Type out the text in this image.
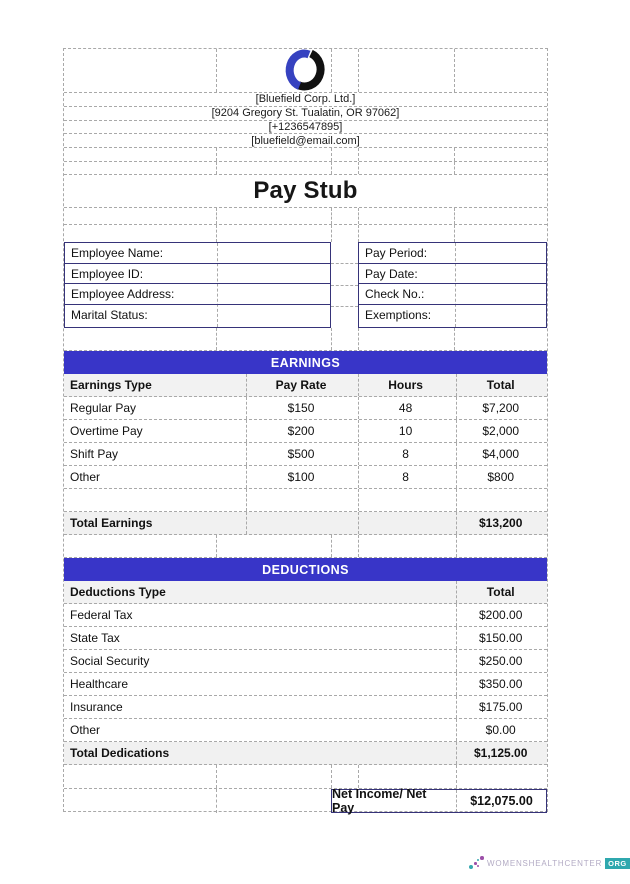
[Bluefield Corp. Ltd.]
[9204 Gregory St. Tualatin, OR 97062]
[+1236547895]
[bluefield@email.com]
Pay Stub
Employee Name:
Employee ID:
Employee Address:
Marital Status:
Pay Period:
Pay Date:
Check No.:
Exemptions:
EARNINGS
Earnings Type	Pay Rate	Hours	Total
Regular Pay	$150	48	$7,200
Overtime Pay	$200	10	$2,000
Shift Pay	$500	8	$4,000
Other	$100	8	$800
Total Earnings	$13,200
DEDUCTIONS
Deductions Type	Total
Federal Tax	$200.00
State Tax	$150.00
Social Security	$250.00
Healthcare	$350.00
Insurance	$175.00
Other	$0.00
Total Dedications	$1,125.00
Net Income/ Net Pay	$12,075.00
WOMENSHEALTHCENTER ORG
